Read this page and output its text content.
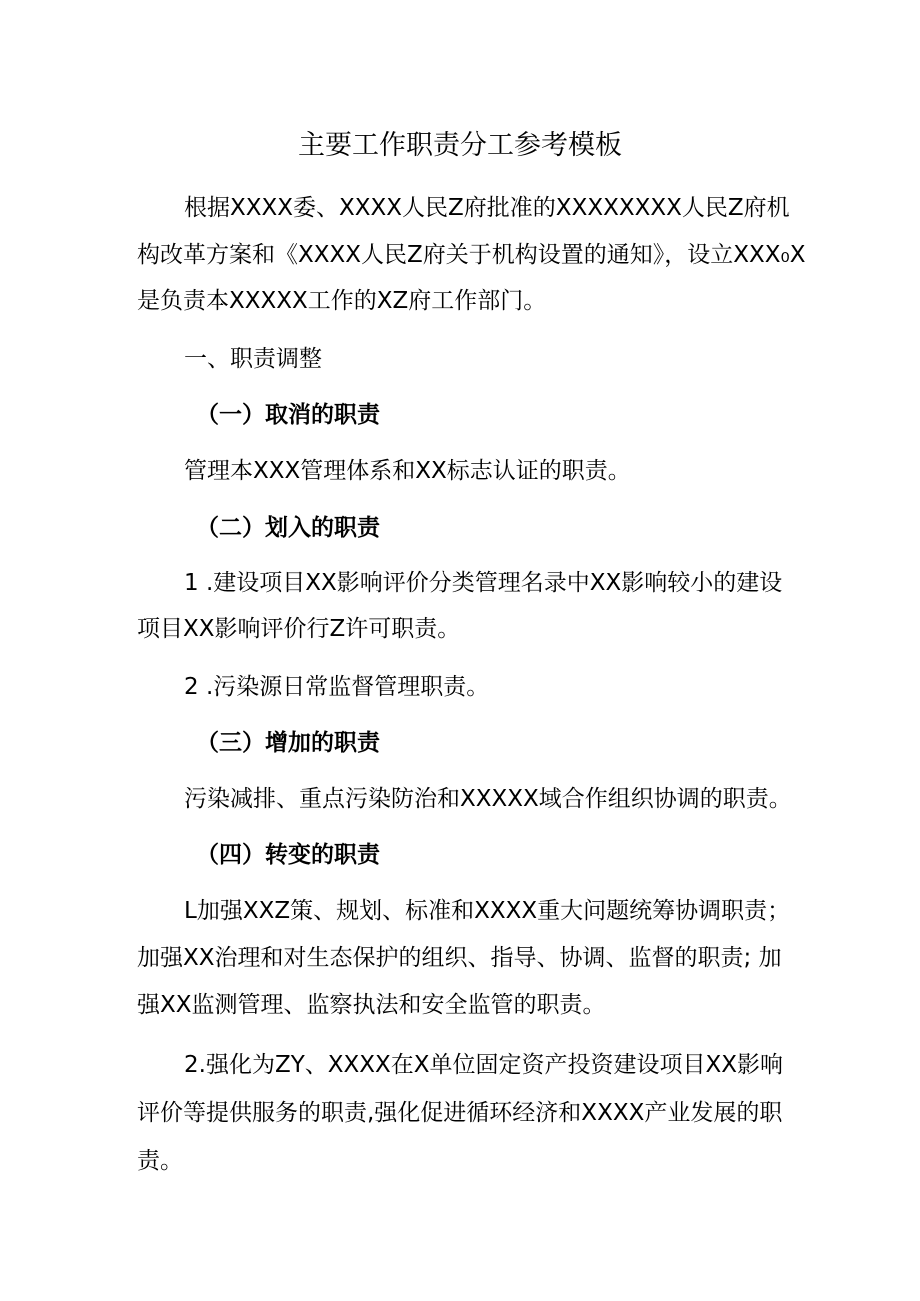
主要工作职责分工参考模板
根据XXXX委、XXXX人民Z府批准的XXXXXXXX人民Z府机
构改革方案和《XXXX人民Z府关于机构设置的通知》，设立XXX₀X
是负责本XXXXX工作的XZ府工作部门。
一、职责调整
（一）取消的职责
管理本XXX管理体系和XX标志认证的职责。
（二）划入的职责
1 .建设项目XX影响评价分类管理名录中XX影响较小的建设
项目XX影响评价行Z许可职责。
2 .污染源日常监督管理职责。
（三）增加的职责
污染减排、重点污染防治和XXXXX域合作组织协调的职责。
（四）转变的职责
L加强XXZ策、规划、标准和XXXX重大问题统筹协调职责；
加强XX治理和对生态保护的组织、指导、协调、监督的职责; 加
强XX监测管理、监察执法和安全监管的职责。
2.强化为ZY、XXXX在X单位固定资产投资建设项目XX影响
评价等提供服务的职责,强化促进循环经济和XXXX产业发展的职
责。
